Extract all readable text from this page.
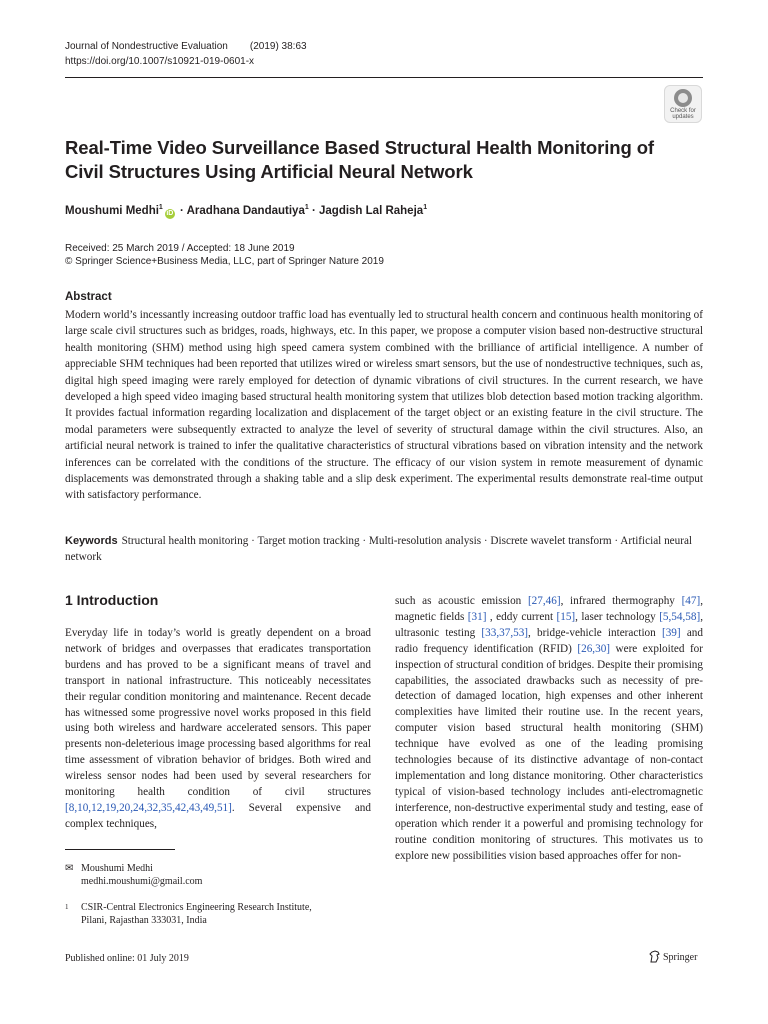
Journal of Nondestructive Evaluation (2019) 38:63
https://doi.org/10.1007/s10921-019-0601-x
Check for
updates
Real-Time Video Surveillance Based Structural Health Monitoring of Civil Structures Using Artificial Neural Network
Moushumi Medhi$^1$iD · Aradhana Dandautiya$^1$ · Jagdish Lal Raheja$^1$
Received: 25 March 2019 / Accepted: 18 June 2019
© Springer Science+Business Media, LLC, part of Springer Nature 2019
Abstract

Modern world’s incessantly increasing outdoor traffic load has eventually led to structural health concern and continuous health monitoring of large scale civil structures such as bridges, roads, highways, etc. In this paper, we propose a computer vision based non-destructive structural health monitoring (SHM) method using high speed camera system combined with the brilliance of artificial intelligence. A number of appreciable SHM techniques had been reported that utilizes wired or wireless smart sensors, but the use of nondestructive techniques, such as, digital high speed imaging were rarely employed for detection of dynamic vibrations of civil structures. In the current research, we have developed a high speed video imaging based structural health monitoring system that utilizes blob detection based motion tracking algorithm. It provides factual information regarding localization and displacement of the target object or an existing feature in the civil structure. The modal parameters were subsequently extracted to analyze the level of severity of structural damage within the civil structures. Also, an artificial neural network is trained to infer the qualitative characteristics of structural vibrations based on vibration intensity and the network inferences can be correlated with the conditions of the structure. The efficacy of our vision system in remote measurement of dynamic displacements was demonstrated through a shaking table and a slip desk experiment. The experimental results demonstrate real-time output with satisfactory performance.

Keywords Structural health monitoring · Target motion tracking · Multi-resolution analysis · Discrete wavelet transform · Artificial neural network
1 Introduction

Everyday life in today’s world is greatly dependent on a broad network of bridges and overpasses that eradicates transportation burdens and has proved to be a significant means of travel and transport in national infrastructure. This noticeably necessitates their regular condition monitoring and maintenance. Recent decade has witnessed some progressive novel works proposed in this field using both wireless and hardware accelerated sensors. This paper presents non-deleterious image processing based algorithms for real time assessment of vibration behavior of bridges. Both wired and wireless sensor nodes had been used by several researchers for monitoring health condition of civil structures [8,10,12,19,20,24,32,35,42,43,49,51]. Several expensive and complex techniques,

such as acoustic emission [27,46], infrared thermography [47], magnetic fields [31] , eddy current [15], laser technology [5,54,58], ultrasonic testing [33,37,53], bridge-vehicle interaction [39] and radio frequency identification (RFID) [26,30] were exploited for inspection of structural condition of bridges. Despite their promising capabilities, the associated drawbacks such as necessity of pre-detection of damaged location, high expenses and other inherent complexities have limited their routine use. In the recent years, computer vision based structural health monitoring (SHM) technique have evolved as one of the leading promising technologies because of its distinctive advantage of non-contact implementation and long distance monitoring. Other characteristics typical of vision-based technology includes anti-electromagnetic interference, non-destructive experimental study and testing, ease of operation which render it a powerful and promising technology for routine condition monitoring of structures. This motivates us to explore new possibilities vision based approaches offer for non-

✉ Moushumi Medhi
medhi.moushumi@gmail.com
1 CSIR-Central Electronics Engineering Research Institute,
Pilani, Rajasthan 333031, India
Published online: 01 July 2019	Springer
